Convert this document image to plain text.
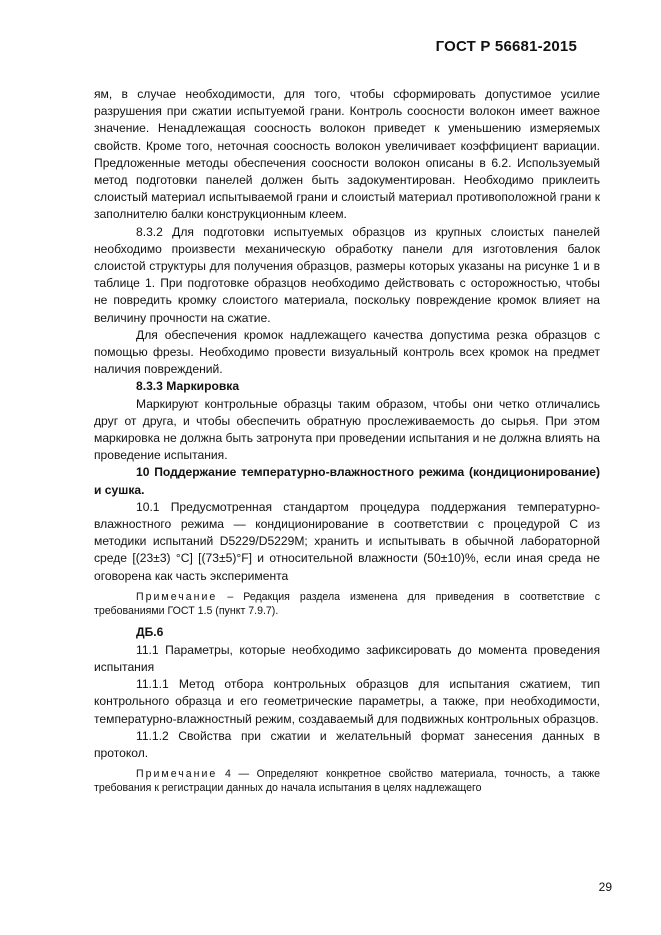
ГОСТ Р 56681-2015

ям, в случае необходимости, для того, чтобы сформировать допустимое усилие разрушения при сжатии испытуемой грани. Контроль соосности волокон имеет важное значение. Ненадлежащая соосность волокон приведет к уменьшению измеряемых свойств. Кроме того, неточная соосность волокон увеличивает коэффициент вариации. Предложенные методы обеспечения соосности волокон описаны в 6.2. Используемый метод подготовки панелей должен быть задокументирован. Необходимо приклеить слоистый материал испытываемой грани и слоистый материал противоположной грани к заполнителю балки конструкционным клеем.

8.3.2 Для подготовки испытуемых образцов из крупных слоистых панелей необходимо произвести механическую обработку панели для изготовления балок слоистой структуры для получения образцов, размеры которых указаны на рисунке 1 и в таблице 1. При подготовке образцов необходимо действовать с осторожностью, чтобы не повредить кромку слоистого материала, поскольку повреждение кромок влияет на величину прочности на сжатие.

Для обеспечения кромок надлежащего качества допустима резка образцов с помощью фрезы. Необходимо провести визуальный контроль всех кромок на предмет наличия повреждений.

8.3.3 Маркировка

Маркируют контрольные образцы таким образом, чтобы они четко отличались друг от друга, и чтобы обеспечить обратную прослеживаемость до сырья. При этом маркировка не должна быть затронута при проведении испытания и не должна влиять на проведение испытания.

10 Поддержание температурно-влажностного режима (кондиционирование) и сушка.

10.1 Предусмотренная стандартом процедура поддержания температурно-влажностного режима — кондиционирование в соответствии с процедурой С из методики испытаний D5229/D5229M; хранить и испытывать в обычной лабораторной среде [(23±3) °С] [(73±5)°F] и относительной влажности (50±10)%, если иная среда не оговорена как часть эксперимента

Примечание – Редакция раздела изменена для приведения в соответствие с требованиями ГОСТ 1.5 (пункт 7.9.7).

ДБ.6

11.1 Параметры, которые необходимо зафиксировать до момента проведения испытания

11.1.1 Метод отбора контрольных образцов для испытания сжатием, тип контрольного образца и его геометрические параметры, а также, при необходимости, температурно-влажностный режим, создаваемый для подвижных контрольных образцов.

11.1.2 Свойства при сжатии и желательный формат занесения данных в протокол.

Примечание 4 — Определяют конкретное свойство материала, точность, а также требования к регистрации данных до начала испытания в целях надлежащего

29
